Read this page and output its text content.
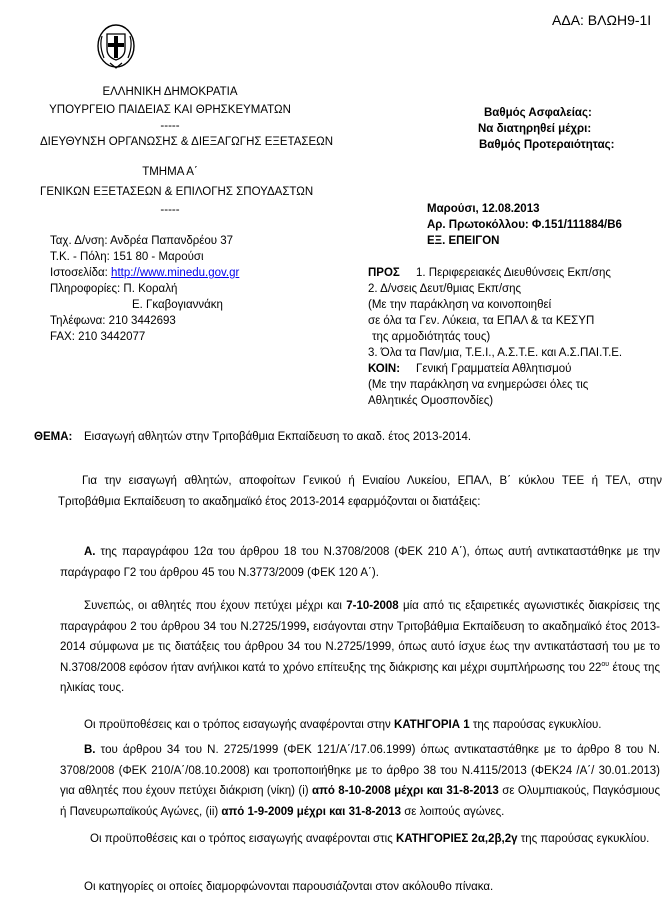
ΑΔΑ: ΒΛΩΗ9-1Ι
ΕΛΛΗΝΙΚΗ ΔΗΜΟΚΡΑΤΙΑ
ΥΠΟΥΡΓΕΙΟ ΠΑΙΔΕΙΑΣ ΚΑΙ ΘΡΗΣΚΕΥΜΑΤΩΝ
-----
ΔΙΕΥΘΥΝΣΗ ΟΡΓΑΝΩΣΗΣ & ΔΙΕΞΑΓΩΓΗΣ ΕΞΕΤΑΣΕΩΝ
ΤΜΗΜΑ Α΄
ΓΕΝΙΚΩΝ ΕΞΕΤΑΣΕΩΝ & ΕΠΙΛΟΓΗΣ ΣΠΟΥΔΑΣΤΩΝ
-----
Βαθμός Ασφαλείας:
Να διατηρηθεί μέχρι:
Βαθμός Προτεραιότητας:
Μαρούσι, 12.08.2013
Αρ. Πρωτοκόλλου: Φ.151/111884/Β6
ΕΞ. ΕΠΕΙΓΟΝ
Ταχ. Δ/νση: Ανδρέα Παπανδρέου 37
Τ.Κ. - Πόλη: 151 80 - Μαρούσι
Ιστοσελίδα: http://www.minedu.gov.gr
Πληροφορίες: Π. Κοραλή
Ε. Γκαβογιαννάκη
Τηλέφωνα: 210 3442693
FAX: 210 3442077
ΠΡΟΣ 1. Περιφερειακές Διευθύνσεις Εκπ/σης
2. Δ/νσεις Δευτ/θμιας Εκπ/σης
(Με την παράκληση να κοινοποιηθεί
σε όλα τα Γεν. Λύκεια, τα ΕΠΑΛ & τα ΚΕΣΥΠ
της αρμοδιότητάς τους)
3. Όλα τα Παν/μια, Τ.Ε.Ι., Α.Σ.Τ.Ε. και Α.Σ.ΠΑΙ.Τ.Ε.
ΚΟΙΝ: Γενική Γραμματεία Αθλητισμού
(Με την παράκληση να ενημερώσει όλες τις
Αθλητικές Ομοσπονδίες)
ΘΕΜΑ: Εισαγωγή αθλητών στην Τριτοβάθμια Εκπαίδευση το ακαδ. έτος 2013-2014.
Για την εισαγωγή αθλητών, αποφοίτων Γενικού ή Ενιαίου Λυκείου, ΕΠΑΛ, Β΄ κύκλου ΤΕΕ ή ΤΕΛ, στην Τριτοβάθμια Εκπαίδευση το ακαδημαϊκό έτος 2013-2014 εφαρμόζονται οι διατάξεις:
Α. της παραγράφου 12α του άρθρου 18 του Ν.3708/2008 (ΦΕΚ 210 Α΄), όπως αυτή αντικαταστάθηκε με την παράγραφο Γ2 του άρθρου 45 του Ν.3773/2009 (ΦΕΚ 120 Α΄).
Συνεπώς, οι αθλητές που έχουν πετύχει μέχρι και 7-10-2008 μία από τις εξαιρετικές αγωνιστικές διακρίσεις της παραγράφου 2 του άρθρου 34 του Ν.2725/1999, εισάγονται στην Τριτοβάθμια Εκπαίδευση το ακαδημαϊκό έτος 2013-2014 σύμφωνα με τις διατάξεις του άρθρου 34 του Ν.2725/1999, όπως αυτό ίσχυε έως την αντικατάστασή του με το Ν.3708/2008 εφόσον ήταν ανήλικοι κατά το χρόνο επίτευξης της διάκρισης και μέχρι συμπλήρωσης του $22^{o\upsilon}$ έτους της ηλικίας τους.
Οι προϋποθέσεις και ο τρόπος εισαγωγής αναφέρονται στην ΚΑΤΗΓΟΡΙΑ 1 της παρούσας εγκυκλίου.
Β. του άρθρου 34 του Ν. 2725/1999 (ΦΕΚ 121/Α΄/17.06.1999) όπως αντικαταστάθηκε με το άρθρο 8 του Ν. 3708/2008 (ΦΕΚ 210/Α΄/08.10.2008) και τροποποιήθηκε με το άρθρο 38 του Ν.4115/2013 (ΦΕΚ24 /Α΄/ 30.01.2013) για αθλητές που έχουν πετύχει διάκριση (νίκη) (i) από 8-10-2008 μέχρι και 31-8-2013 σε Ολυμπιακούς, Παγκόσμιους ή Πανευρωπαϊκούς Αγώνες, (ii) από 1-9-2009 μέχρι και 31-8-2013 σε λοιπούς αγώνες.
Οι προϋποθέσεις και ο τρόπος εισαγωγής αναφέρονται στις ΚΑΤΗΓΟΡΙΕΣ 2α,2β,2γ της παρούσας εγκυκλίου.
Οι κατηγορίες οι οποίες διαμορφώνονται παρουσιάζονται στον ακόλουθο πίνακα.
